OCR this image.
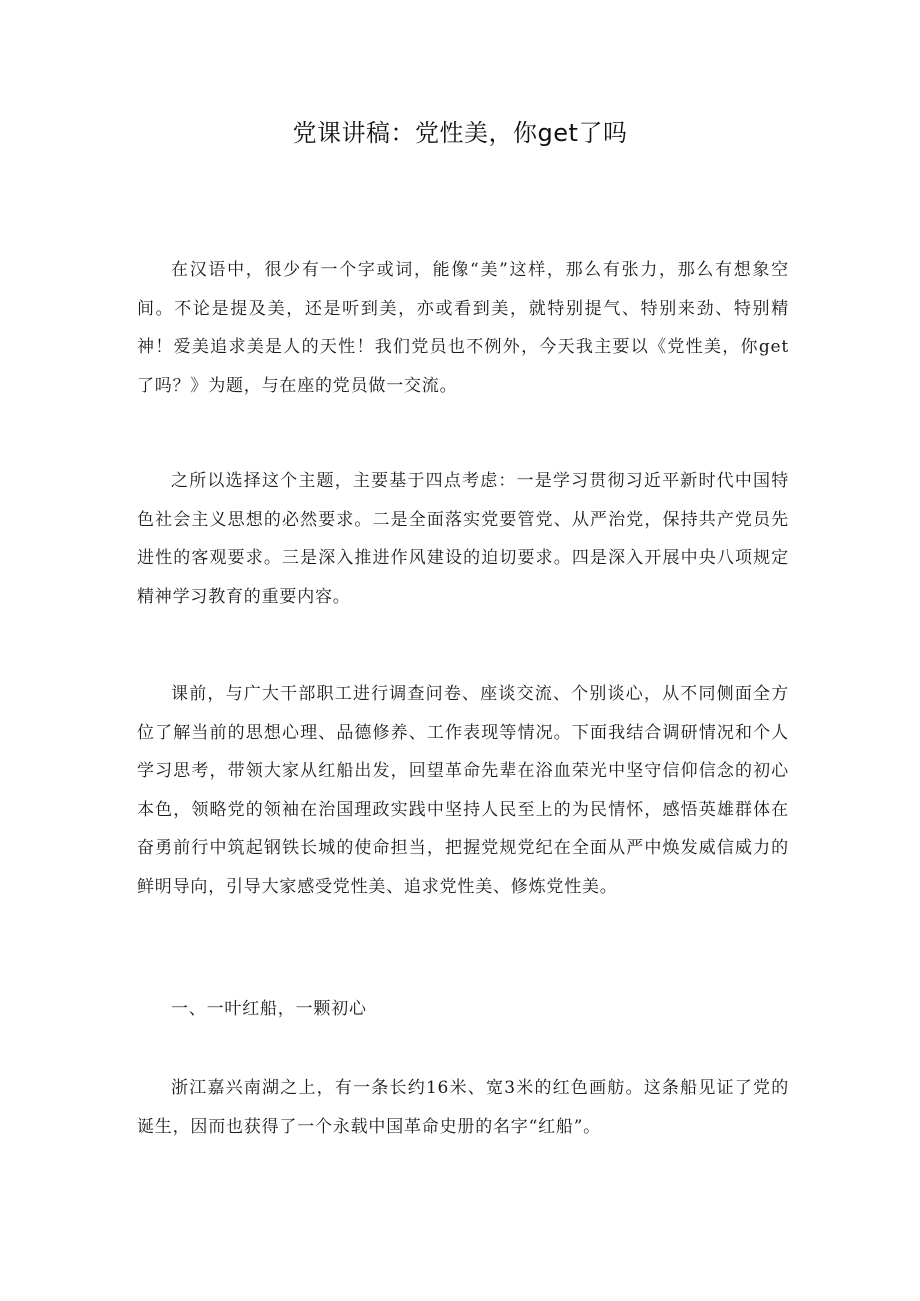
党课讲稿：党性美，你get了吗

在汉语中，很少有一个字或词，能像“美”这样，那么有张力，那么有想象空间。不论是提及美，还是听到美，亦或看到美，就特别提气、特别来劲、特别精神！爱美追求美是人的天性！我们党员也不例外，今天我主要以《党性美，你get了吗？》为题，与在座的党员做一交流。

之所以选择这个主题，主要基于四点考虑：一是学习贯彻习近平新时代中国特色社会主义思想的必然要求。二是全面落实党要管党、从严治党，保持共产党员先进性的客观要求。三是深入推进作风建设的迫切要求。四是深入开展中央八项规定精神学习教育的重要内容。

课前，与广大干部职工进行调查问卷、座谈交流、个别谈心，从不同侧面全方位了解当前的思想心理、品德修养、工作表现等情况。下面我结合调研情况和个人学习思考，带领大家从红船出发，回望革命先辈在浴血荣光中坚守信仰信念的初心本色，领略党的领袖在治国理政实践中坚持人民至上的为民情怀，感悟英雄群体在奋勇前行中筑起钢铁长城的使命担当，把握党规党纪在全面从严中焕发威信威力的鲜明导向，引导大家感受党性美、追求党性美、修炼党性美。

一、一叶红船，一颗初心

浙江嘉兴南湖之上，有一条长约16米、宽3米的红色画舫。这条船见证了党的诞生，因而也获得了一个永载中国革命史册的名字“红船”。
